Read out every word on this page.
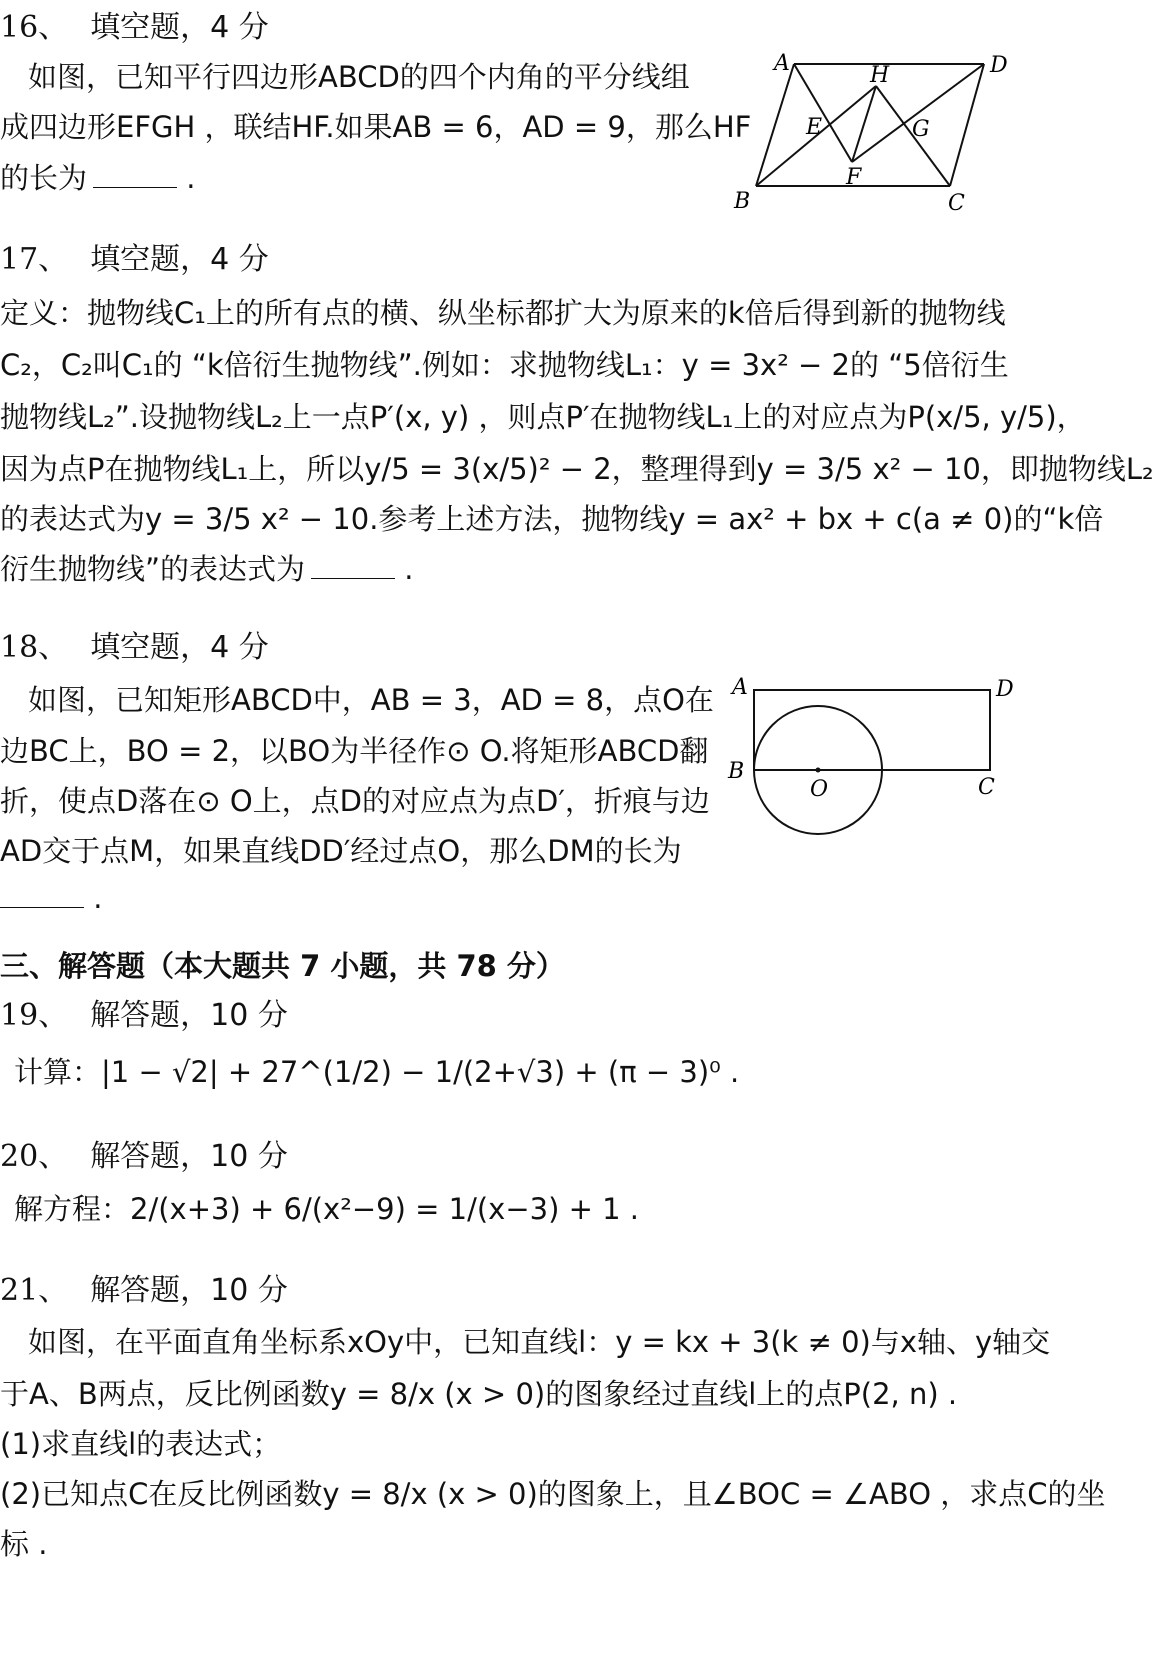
16、 填空题，4 分
如图，已知平行四边形ABCD的四个内角的平分线组
成四边形EFGH ，联结HF.如果AB = 6，AD = 9，那么HF
的长为	.
A	D
H
E	G
F
B	C
17、 填空题，4 分
定义：抛物线C₁上的所有点的横、纵坐标都扩大为原来的k倍后得到新的抛物线
C₂，C₂叫C₁的 “k倍衍生抛物线”.例如：求抛物线L₁：y = 3x² − 2的 “5倍衍生
抛物线L₂”.设抛物线L₂上一点P′(x, y) ，则点P′在抛物线L₁上的对应点为P(x/5, y/5)，
因为点P在抛物线L₁上，所以y/5 = 3(x/5)² − 2，整理得到y = 3/5 x² − 10，即抛物线L₂
的表达式为y = 3/5 x² − 10.参考上述方法，抛物线y = ax² + bx + c(a ≠ 0)的“k倍
衍生抛物线”的表达式为	.
18、 填空题，4 分
如图，已知矩形ABCD中，AB = 3，AD = 8，点O在
边BC上，BO = 2，以BO为半径作⊙ O.将矩形ABCD翻
折，使点D落在⊙ O上，点D的对应点为点D′，折痕与边
AD交于点M，如果直线DD′经过点O，那么DM的长为
.
A	D
B
O	C
三、解答题（本大题共 7 小题，共 78 分）
19、 解答题，10 分
计算：|1 − √2| + 27^(1/2) − 1/(2+√3) + (π − 3)⁰ .
20、 解答题，10 分
解方程：2/(x+3) + 6/(x²−9) = 1/(x−3) + 1 .
21、 解答题，10 分
如图，在平面直角坐标系xOy中，已知直线l：y = kx + 3(k ≠ 0)与x轴、y轴交
于A、B两点，反比例函数y = 8/x (x > 0)的图象经过直线l上的点P(2, n) .
(1)求直线l的表达式；
(2)已知点C在反比例函数y = 8/x (x > 0)的图象上，且∠BOC = ∠ABO ，求点C的坐
标 .
